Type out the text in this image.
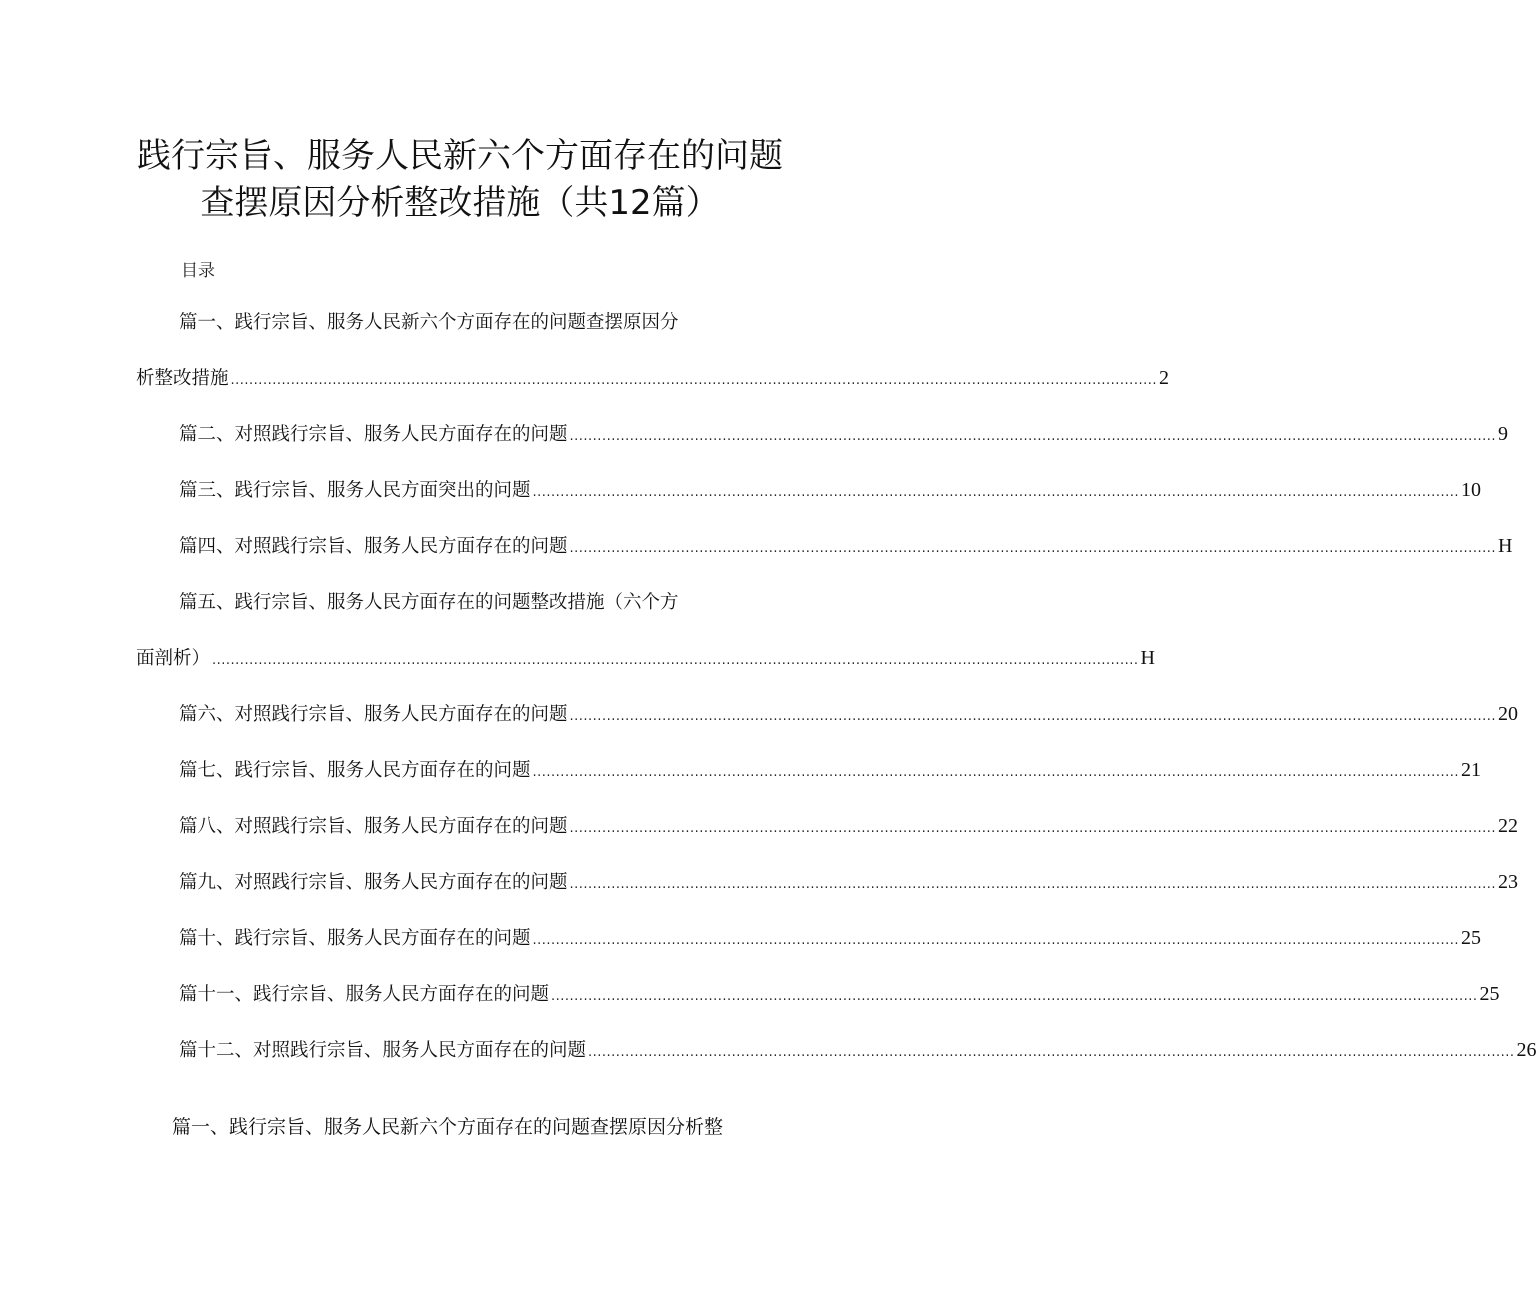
践行宗旨、服务人民新六个方面存在的问题
查摆原因分析整改措施（共12篇）
目录
篇一、践行宗旨、服务人民新六个方面存在的问题查摆原因分
析整改措施 ........................................................................................................................................................................................................ 2
篇二、对照践行宗旨、服务人民方面存在的问题 ........................................................................................................................................................................................................ 9
篇三、践行宗旨、服务人民方面突出的问题 ........................................................................................................................................................................................................ 10
篇四、对照践行宗旨、服务人民方面存在的问题 ........................................................................................................................................................................................................ H
篇五、践行宗旨、服务人民方面存在的问题整改措施（六个方
面剖析） ........................................................................................................................................................................................................ H
篇六、对照践行宗旨、服务人民方面存在的问题 ........................................................................................................................................................................................................ 20
篇七、践行宗旨、服务人民方面存在的问题 ........................................................................................................................................................................................................ 21
篇八、对照践行宗旨、服务人民方面存在的问题 ........................................................................................................................................................................................................ 22
篇九、对照践行宗旨、服务人民方面存在的问题 ........................................................................................................................................................................................................ 23
篇十、践行宗旨、服务人民方面存在的问题 ........................................................................................................................................................................................................ 25
篇十一、践行宗旨、服务人民方面存在的问题 ........................................................................................................................................................................................................ 25
篇十二、对照践行宗旨、服务人民方面存在的问题 ........................................................................................................................................................................................................ 26
篇一、践行宗旨、服务人民新六个方面存在的问题查摆原因分析整
